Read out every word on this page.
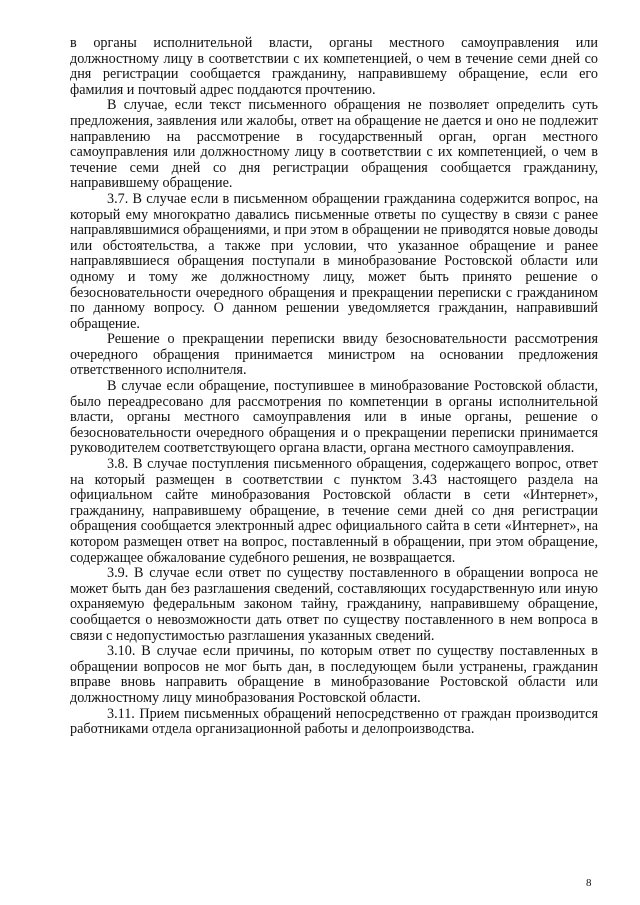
в органы исполнительной власти, органы местного самоуправления или должностному лицу в соответствии с их компетенцией, о чем в течение семи дней со дня регистрации сообщается гражданину, направившему обращение, если его фамилия и почтовый адрес поддаются прочтению.

В случае, если текст письменного обращения не позволяет определить суть предложения, заявления или жалобы, ответ на обращение не дается и оно не подлежит направлению на рассмотрение в государственный орган, орган местного самоуправления или должностному лицу в соответствии с их компетенцией, о чем в течение семи дней со дня регистрации обращения сообщается гражданину, направившему обращение.

3.7. В случае если в письменном обращении гражданина содержится вопрос, на который ему многократно давались письменные ответы по существу в связи с ранее направлявшимися обращениями, и при этом в обращении не приводятся новые доводы или обстоятельства, а также при условии, что указанное обращение и ранее направлявшиеся обращения поступали в минобразование Ростовской области или одному и тому же должностному лицу, может быть принято решение о безосновательности очередного обращения и прекращении переписки с гражданином по данному вопросу. О данном решении уведомляется гражданин, направивший обращение.

Решение о прекращении переписки ввиду безосновательности рассмотрения очередного обращения принимается министром на основании предложения ответственного исполнителя.

В случае если обращение, поступившее в минобразование Ростовской области, было переадресовано для рассмотрения по компетенции в органы исполнительной власти, органы местного самоуправления или в иные органы, решение о безосновательности очередного обращения и о прекращении переписки принимается руководителем соответствующего органа власти, органа местного самоуправления.

3.8. В случае поступления письменного обращения, содержащего вопрос, ответ на который размещен в соответствии с пунктом 3.43 настоящего раздела на официальном сайте минобразования Ростовской области в сети «Интернет», гражданину, направившему обращение, в течение семи дней со дня регистрации обращения сообщается электронный адрес официального сайта в сети «Интернет», на котором размещен ответ на вопрос, поставленный в обращении, при этом обращение, содержащее обжалование судебного решения, не возвращается.

3.9. В случае если ответ по существу поставленного в обращении вопроса не может быть дан без разглашения сведений, составляющих государственную или иную охраняемую федеральным законом тайну, гражданину, направившему обращение, сообщается о невозможности дать ответ по существу поставленного в нем вопроса в связи с недопустимостью разглашения указанных сведений.

3.10. В случае если причины, по которым ответ по существу поставленных в обращении вопросов не мог быть дан, в последующем были устранены, гражданин вправе вновь направить обращение в минобразование Ростовской области или должностному лицу минобразования Ростовской области.

3.11. Прием письменных обращений непосредственно от граждан производится работниками отдела организационной работы и делопроизводства.

8
